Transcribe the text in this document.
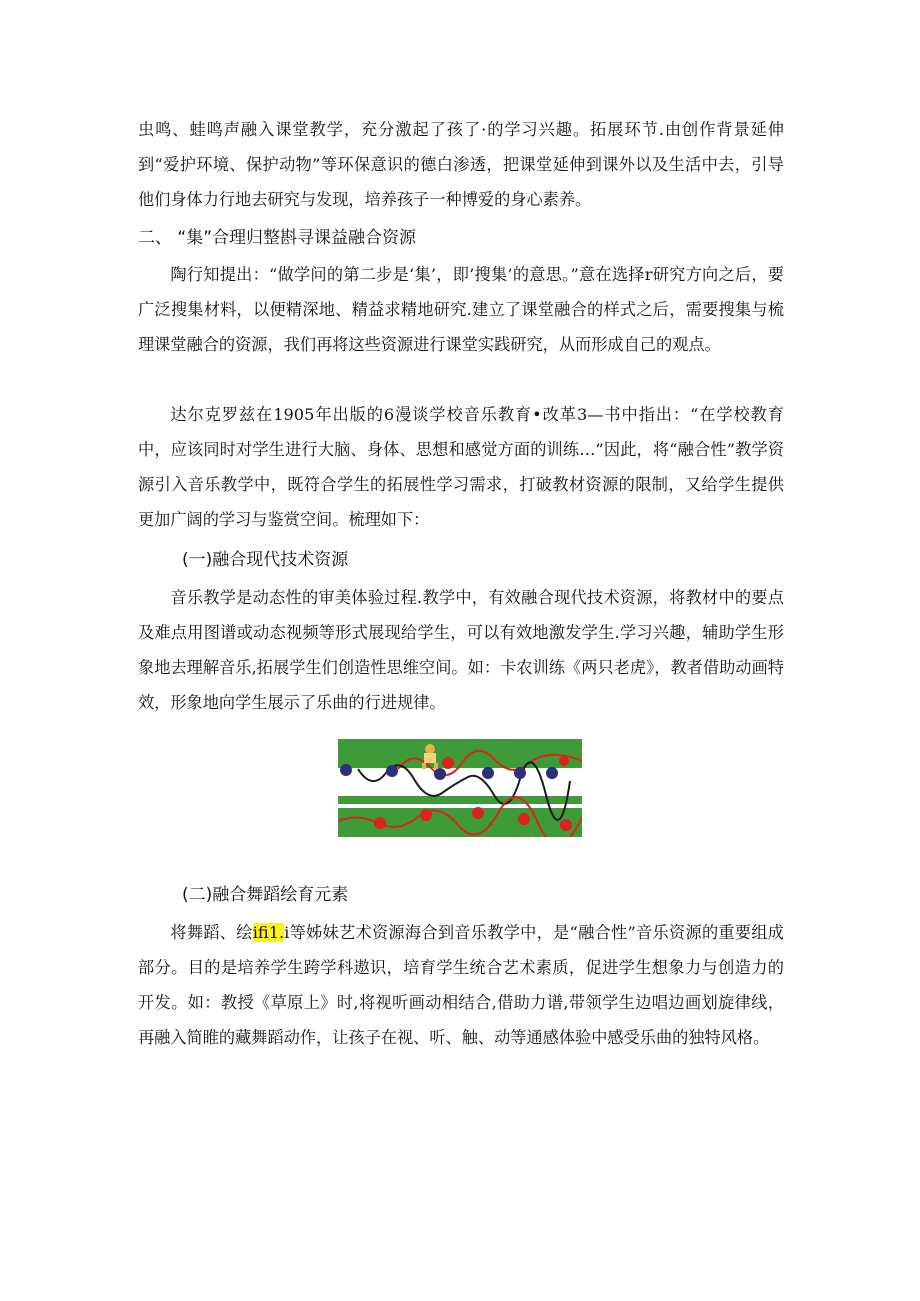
虫鸣、蛙鸣声融入课堂教学，充分激起了孩了·的学习兴趣。拓展环节.由创作背景延伸到“爱护环境、保护动物”等环保意识的德白渗透，把课堂延伸到课外以及生活中去，引导他们身体力行地去研究与发现，培养孩子一种博爱的身心素养。

二、 “集”合理归整斟寻课益融合资源

陶行知提出：“做学问的第二步是‘集’，即’搜集’的意思。”意在选择r研究方向之后，要广泛搜集材料，以便精深地、精益求精地研究.建立了课堂融合的样式之后，需要搜集与梳理课堂融合的资源，我们再将这些资源进行课堂实践研究，从而形成自己的观点。

达尔克罗兹在1905年出版的6漫谈学校音乐教育•改革3—书中指出：“在学校教育中，应该同时对学生进行大脑、身体、思想和感觉方面的训练…”因此，将“融合性”教学资源引入音乐教学中，既符合学生的拓展性学习需求，打破教材资源的限制，又给学生提供更加广阔的学习与鉴赏空间。梳理如下：

(一)融合现代技术资源

音乐教学是动态性的审美体验过程.教学中，有效融合现代技术资源，将教材中的要点及难点用图谱或动态视频等形式展现给学生，可以有效地激发学生.学习兴趣，辅助学生形象地去理解音乐,拓展学生们创造性思维空间。如：卡农训练《两只老虎》，教者借助动画特效，形象地向学生展示了乐曲的行进规律。

(二)融合舞蹈绘育元素

将舞蹈、绘ifi1.i等姊妹艺术资源海合到音乐教学中，是“融合性”音乐资源的重要组成部分。目的是培养学生跨学科遨识，培育学生统合艺术素质，促进学生想象力与创造力的开发。如：教授《草原上》时,将视听画动相结合,借助力谱,带领学生边唱边画划旋律线，再融入简睢的藏舞蹈动作，让孩子在视、听、触、动等通感体验中感受乐曲的独特风格。
